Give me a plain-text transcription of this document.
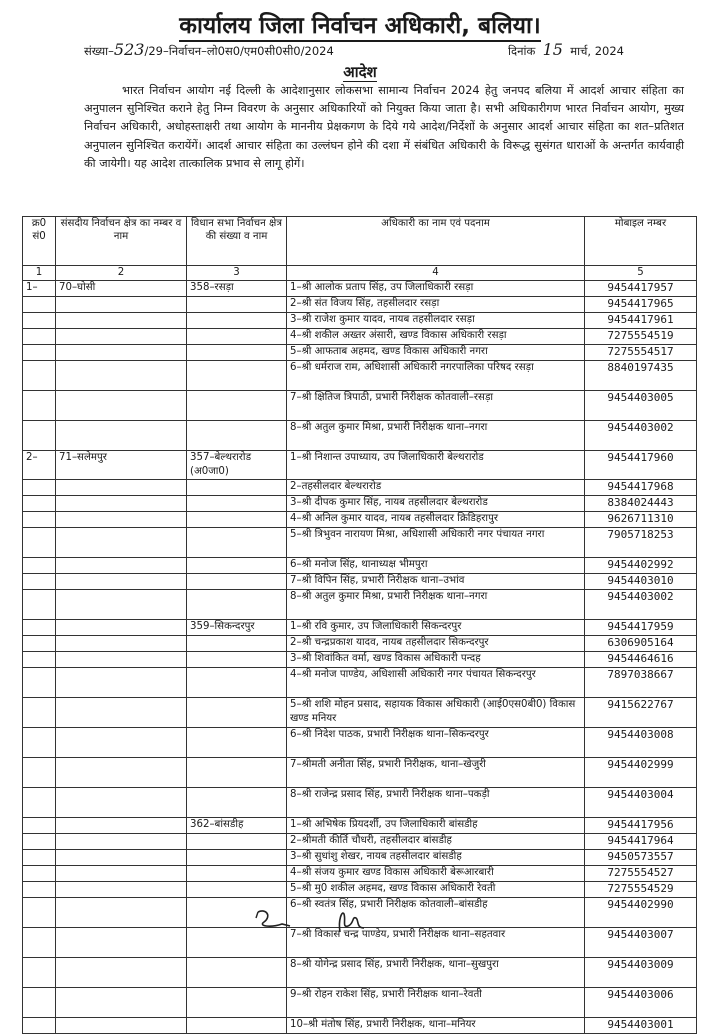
कार्यालय जिला निर्वाचन अधिकारी, बलिया।
संख्या–523/29–निर्वाचन–लो0स0/एम0सी0सी0/2024	दिनांक 15 मार्च, 2024
आदेश
भारत निर्वाचन आयोग नई दिल्ली के आदेशानुसार लोकसभा सामान्य निर्वाचन 2024 हेतु जनपद बलिया में आदर्श आचार संहिता का अनुपालन सुनिश्चित कराने हेतु निम्न विवरण के अनुसार अधिकारियों को नियुक्त किया जाता है। सभी अधिकारीगण भारत निर्वाचन आयोग, मुख्य निर्वाचन अधिकारी, अधोहस्ताक्षरी तथा आयोग के माननीय प्रेक्षकगण के दिये गये आदेश/निर्देशों के अनुसार आदर्श आचार संहिता का शत–प्रतिशत अनुपालन सुनिश्चित करायेंगें। आदर्श आचार संहिता का उल्लंघन होने की दशा में संबंधित अधिकारी के विरूद्ध सुसंगत धाराओं के अन्तर्गत कार्यवाही की जायेगी। यह आदेश तात्कालिक प्रभाव से लागू होगें।
क्र0 सं0	संसदीय निर्वाचन क्षेत्र का नम्बर व नाम	विधान सभा निर्वाचन क्षेत्र की संख्या व नाम	अधिकारी का नाम एवं पदनाम	मोबाइल नम्बर
1	2	3	4	5
1–	70–घोसी	358–रसड़ा	1–श्री आलोक प्रताप सिंह, उप जिलाधिकारी रसड़ा	9454417957
			2–श्री संत विजय सिंह, तहसीलदार रसड़ा	9454417965
			3–श्री राजेश कुमार यादव, नायब तहसीलदार रसड़ा	9454417961
			4–श्री शकील अख्तर अंसारी, खण्ड विकास अधिकारी रसड़ा	7275554519
			5–श्री आफताब अहमद, खण्ड विकास अधिकारी नगरा	7275554517
			6–श्री धर्मराज राम, अधिशासी अधिकारी नगरपालिका परिषद रसड़ा	8840197435
			7–श्री क्षितिज त्रिपाठी, प्रभारी निरीक्षक कोतवाली–रसड़ा	9454403005
			8–श्री अतुल कुमार मिश्रा, प्रभारी निरीक्षक थाना–नगरा	9454403002
2–	71–सलेमपुर	357–बेल्थरारोड (अ0जा0)	1–श्री निशान्त उपाध्याय, उप जिलाधिकारी बेल्थरारोड	9454417960
			2–तहसीलदार बेल्थरारोड	9454417968
			3–श्री दीपक कुमार सिंह, नायब तहसीलदार बेल्थरारोड	8384024443
			4–श्री अनिल कुमार यादव, नायब तहसीलदार क्रिडिहरापुर	9626711310
			5–श्री त्रिभुवन नारायण मिश्रा, अधिशासी अधिकारी नगर पंचायत नगरा	7905718253
			6–श्री मनोज सिंह, थानाध्यक्ष भीमपुरा	9454402992
			7–श्री विपिन सिंह, प्रभारी निरीक्षक थाना–उभांव	9454403010
			8–श्री अतुल कुमार मिश्रा, प्रभारी निरीक्षक थाना–नगरा	9454403002
		359–सिकन्दरपुर	1–श्री रवि कुमार, उप जिलाधिकारी सिकन्दरपुर	9454417959
			2–श्री चन्द्रप्रकाश यादव, नायब तहसीलदार सिकन्दरपुर	6306905164
			3–श्री शिवांकित वर्मा, खण्ड विकास अधिकारी पन्दह	9454464616
			4–श्री मनोज पाण्डेय, अधिशासी अधिकारी नगर पंचायत सिकन्दरपुर	7897038667
			5–श्री शशि मोहन प्रसाद, सहायक विकास अधिकारी (आई0एस0बी0) विकास खण्ड मनियर	9415622767
			6–श्री निदेश पाठक, प्रभारी निरीक्षक थाना–सिकन्दरपुर	9454403008
			7–श्रीमती अनीता सिंह, प्रभारी निरीक्षक, थाना–खेजुरी	9454402999
			8–श्री राजेन्द्र प्रसाद सिंह, प्रभारी निरीक्षक थाना–पकड़ी	9454403004
		362–बांसडीह	1–श्री अभिषेक प्रियदर्शी, उप जिलाधिकारी बांसडीह	9454417956
			2–श्रीमती कीर्ति चौधरी, तहसीलदार बांसडीह	9454417964
			3–श्री सुधांशु शेखर, नायब तहसीलदार बांसडीह	9450573557
			4–श्री संजय कुमार खण्ड विकास अधिकारी बेरूआरबारी	7275554527
			5–श्री मु0 शकील अहमद, खण्ड विकास अधिकारी रेवती	7275554529
			6–श्री स्वतंत्र सिंह, प्रभारी निरीक्षक कोतवाली–बांसडीह	9454402990
			7–श्री विकास चन्द्र पाण्डेय, प्रभारी निरीक्षक थाना–सहतवार	9454403007
			8–श्री योगेन्द्र प्रसाद सिंह, प्रभारी निरीक्षक, थाना–सुखपुरा	9454403009
			9–श्री रोहन राकेश सिंह, प्रभारी निरीक्षक थाना–रेवती	9454403006
			10–श्री मंतोष सिंह, प्रभारी निरीक्षक, थाना–मनियर	9454403001
